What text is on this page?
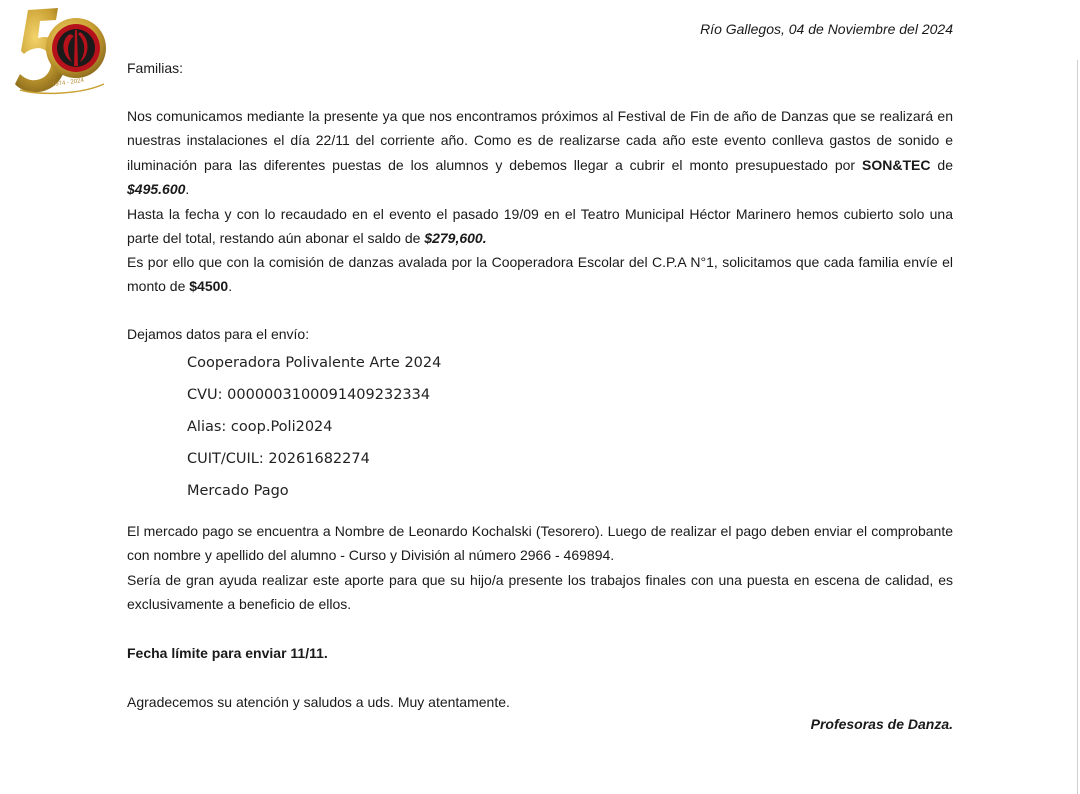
1974 - 2024
Río Gallegos, 04 de Noviembre del 2024
Familias:
Nos comunicamos mediante la presente ya que nos encontramos próximos al Festival de Fin de año de Danzas que se realizará en nuestras instalaciones el día 22/11 del corriente año. Como es de realizarse cada año este evento conlleva gastos de sonido e iluminación para las diferentes puestas de los alumnos y debemos llegar a cubrir el monto presupuestado por SON&TEC de $495.600.
Hasta la fecha y con lo recaudado en el evento el pasado 19/09 en el Teatro Municipal Héctor Marinero hemos cubierto solo una parte del total, restando aún abonar el saldo de $279,600.
Es por ello que con la comisión de danzas avalada por la Cooperadora Escolar del C.P.A N°1, solicitamos que cada familia envíe el monto de $4500.
Dejamos datos para el envío:
Cooperadora Polivalente Arte 2024
CVU: 0000003100091409232334
Alias: coop.Poli2024
CUIT/CUIL: 20261682274
Mercado Pago
El mercado pago se encuentra a Nombre de Leonardo Kochalski (Tesorero). Luego de realizar el pago deben enviar el comprobante con nombre y apellido del alumno - Curso y División al número 2966 - 469894.
Sería de gran ayuda realizar este aporte para que su hijo/a presente los trabajos finales con una puesta en escena de calidad, es exclusivamente a beneficio de ellos.
Fecha límite para enviar 11/11.
Agradecemos su atención y saludos a uds. Muy atentamente.
Profesoras de Danza.
